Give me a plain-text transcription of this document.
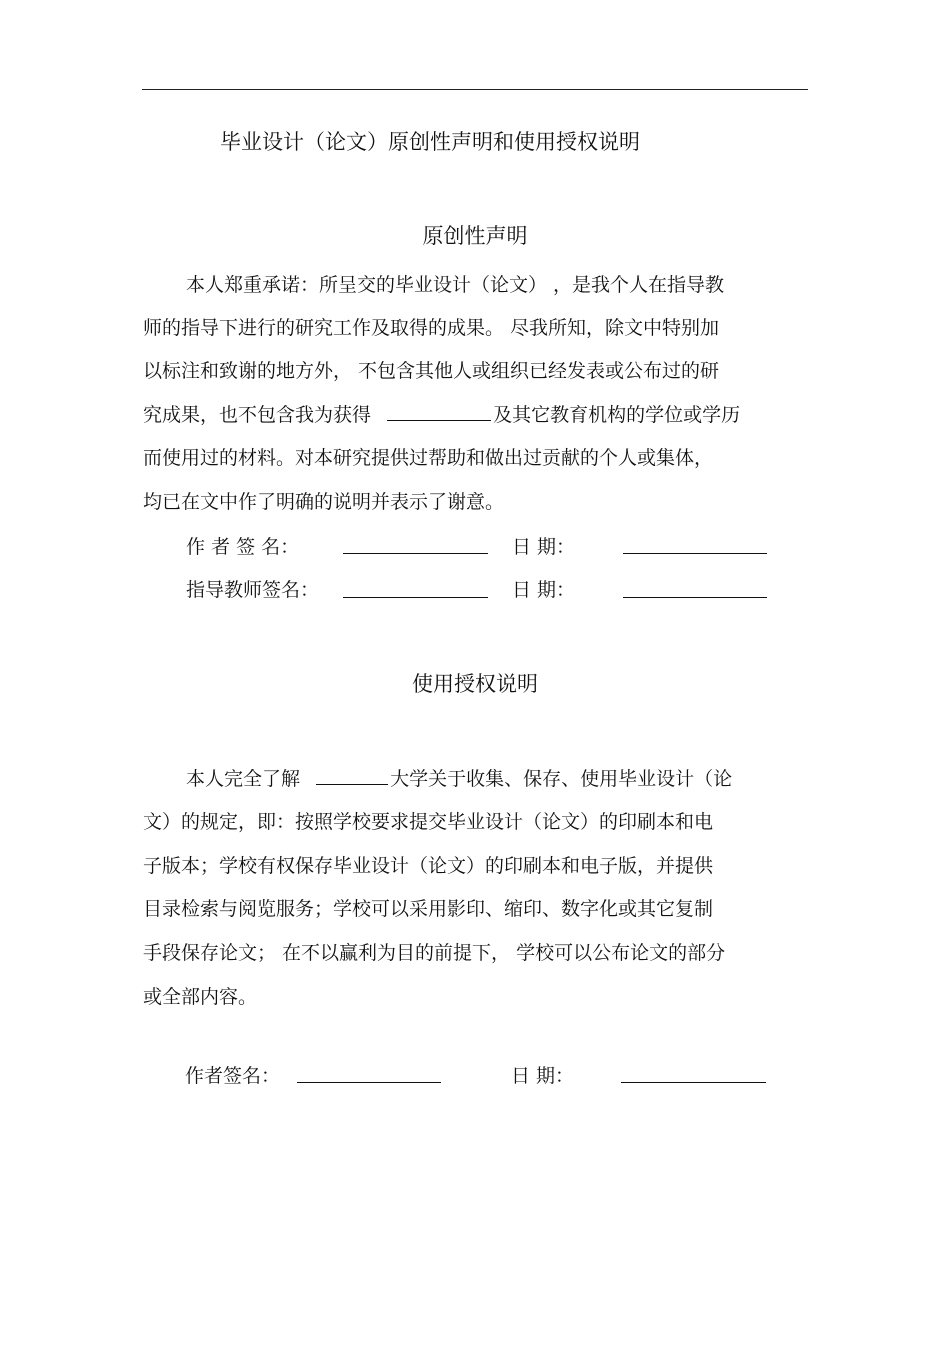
毕业设计（论文）原创性声明和使用授权说明
原创性声明
本人郑重承诺：所呈交的毕业设计（论文） ，是我个人在指导教
师的指导下进行的研究工作及取得的成果。 尽我所知，除文中特别加
以标注和致谢的地方外， 不包含其他人或组织已经发表或公布过的研
究成果，也不包含我为获得	及其它教育机构的学位或学历
而使用过的材料。对本研究提供过帮助和做出过贡献的个人或集体，
均已在文中作了明确的说明并表示了谢意。
作 者 签 名：	日 期：
指导教师签名：	日 期：
使用授权说明
本人完全了解	大学关于收集、保存、使用毕业设计（论
文）的规定，即：按照学校要求提交毕业设计（论文）的印刷本和电
子版本；学校有权保存毕业设计（论文）的印刷本和电子版，并提供
目录检索与阅览服务；学校可以采用影印、缩印、数字化或其它复制
手段保存论文； 在不以赢利为目的前提下， 学校可以公布论文的部分
或全部内容。
作者签名：	日 期：
